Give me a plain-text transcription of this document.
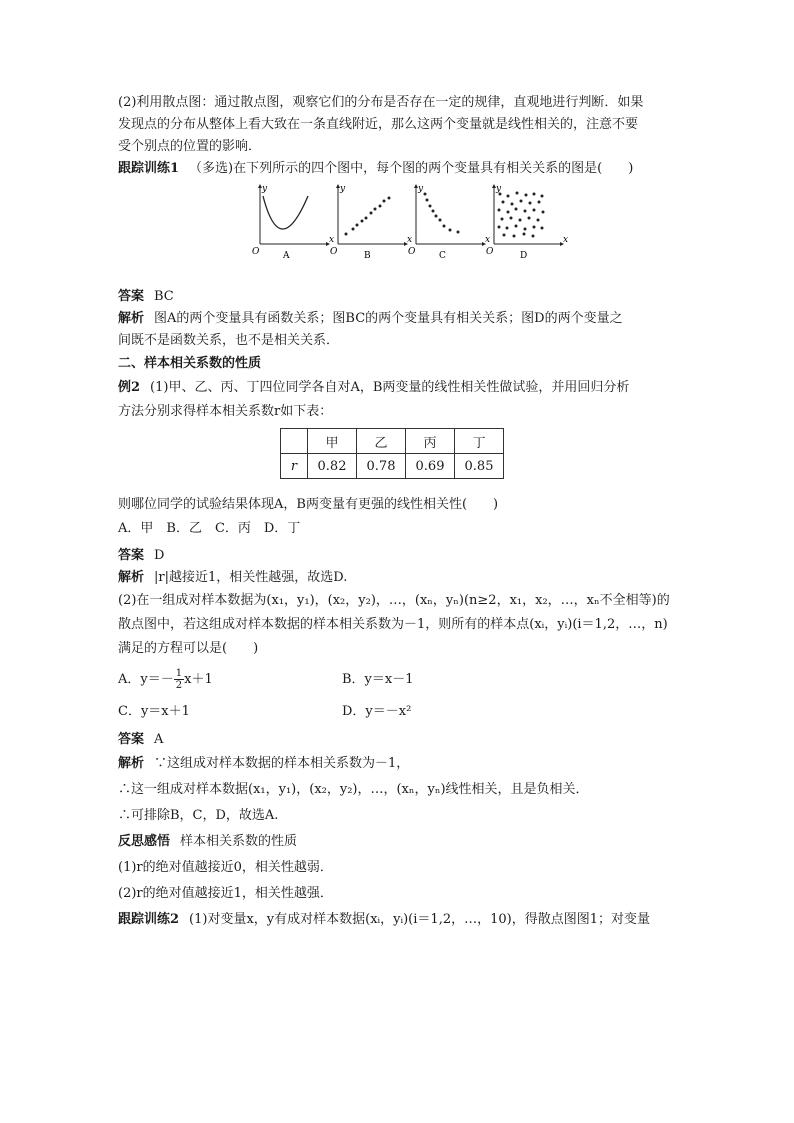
(2)利用散点图：通过散点图，观察它们的分布是否存在一定的规律，直观地进行判断．如果
发现点的分布从整体上看大致在一条直线附近，那么这两个变量就是线性相关的，注意不要
受个别点的位置的影响．
跟踪训练1 （多选)在下列所示的四个图中，每个图的两个变量具有相关关系的图是(　　)
y
x
O	A
y
x
O	B
y
x
O	C
y
x
O	D
答案 BC
解析 图A的两个变量具有函数关系；图BC的两个变量具有相关关系；图D的两个变量之
间既不是函数关系，也不是相关关系．
二、样本相关系数的性质
例2 (1)甲、乙、丙、丁四位同学各自对A，B两变量的线性相关性做试验，并用回归分析
方法分别求得样本相关系数r如下表：
	甲	乙	丙	丁
r	0.82	0.78	0.69	0.85
则哪位同学的试验结果体现A，B两变量有更强的线性相关性(　　)
A．甲　B．乙　C．丙　D．丁
答案 D
解析 |r|越接近1，相关性越强，故选D.
(2)在一组成对样本数据为(x₁，y₁)，(x₂，y₂)，…，(xₙ，yₙ)(n≥2，x₁，x₂，…，xₙ不全相等)的
散点图中，若这组成对样本数据的样本相关系数为－1，则所有的样本点(xᵢ，yᵢ)(i＝1,2，…，n)
满足的方程可以是(　　)
A．$y=- \frac{1}{2} x+1$	B．y＝x－1
C．y＝x＋1	D．y＝－x²
答案 A
解析 ∵这组成对样本数据的样本相关系数为－1，
∴这一组成对样本数据(x₁，y₁)，(x₂，y₂)，…，(xₙ，yₙ)线性相关，且是负相关．
∴可排除B，C，D，故选A.
反思感悟 样本相关系数的性质
(1)r的绝对值越接近0，相关性越弱．
(2)r的绝对值越接近1，相关性越强．
跟踪训练2 (1)对变量x，y有成对样本数据(xᵢ，yᵢ)(i＝1,2，…，10)，得散点图图1；对变量
